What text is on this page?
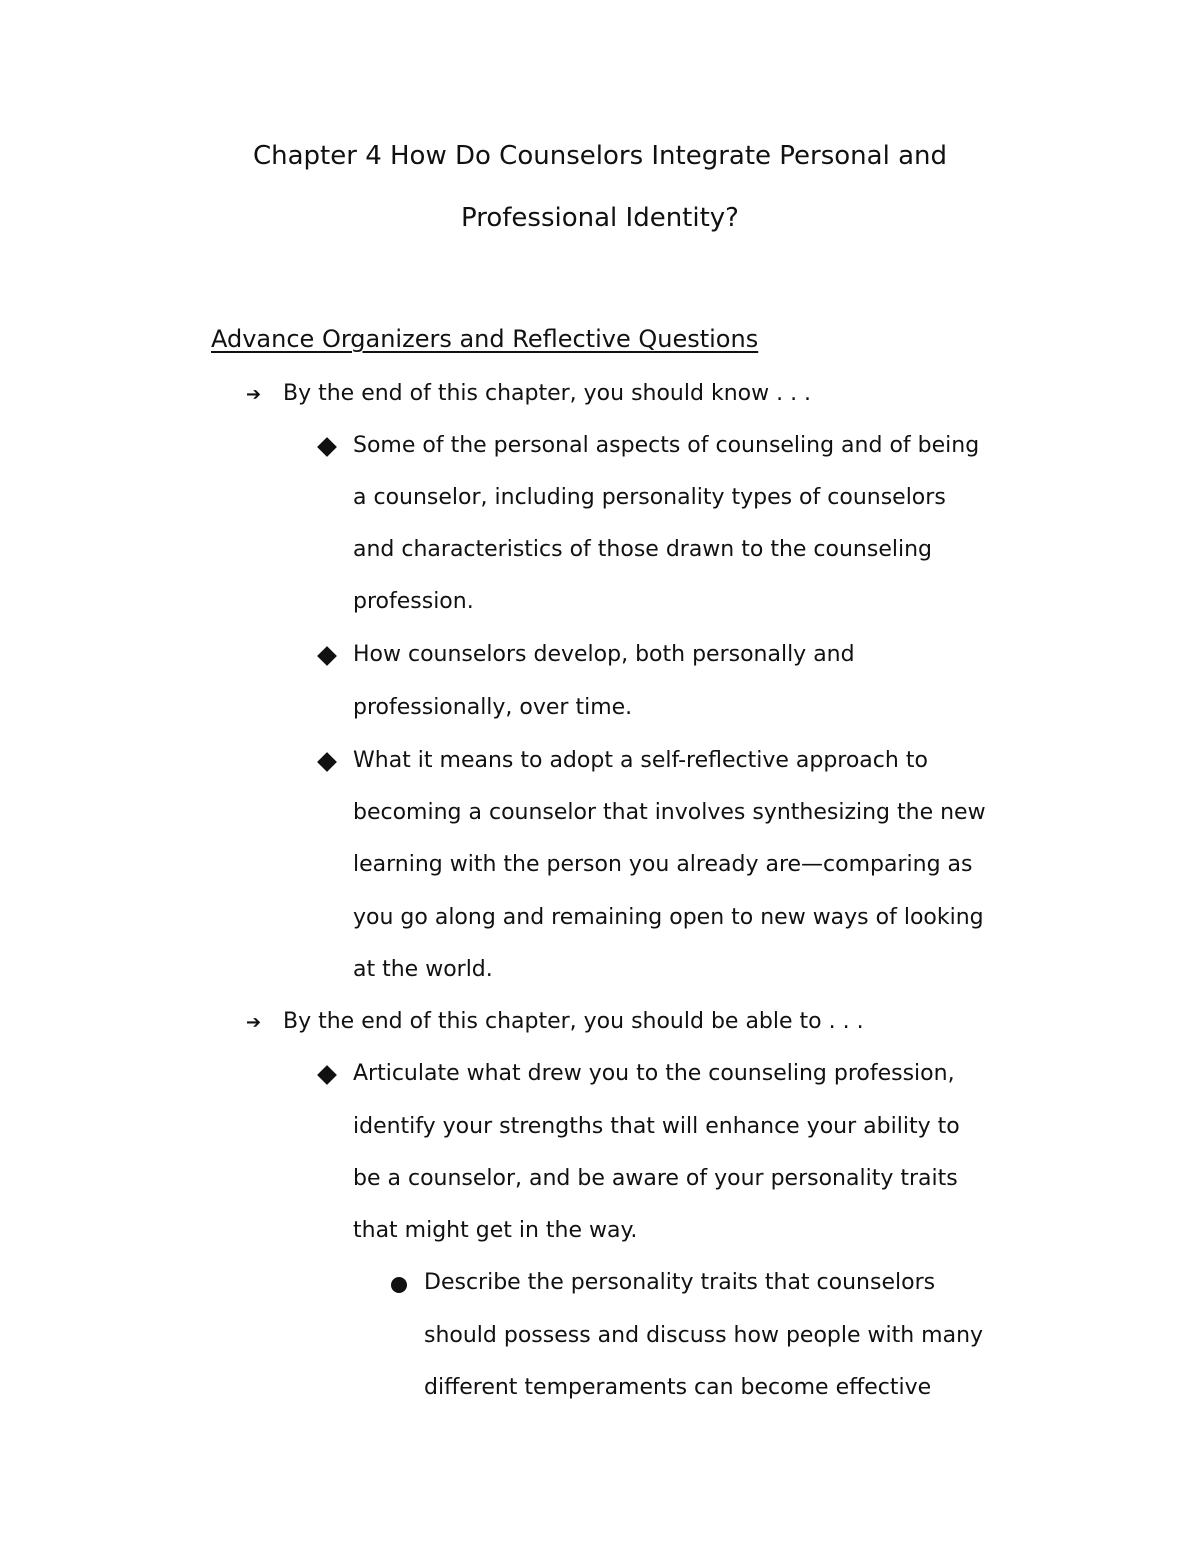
Chapter 4 How Do Counselors Integrate Personal and
Professional Identity?
Advance Organizers and Reflective Questions
➔ By the end of this chapter, you should know . . .
Some of the personal aspects of counseling and of being
a counselor, including personality types of counselors
and characteristics of those drawn to the counseling
profession.
How counselors develop, both personally and
professionally, over time.
What it means to adopt a self-reflective approach to
becoming a counselor that involves synthesizing the new
learning with the person you already are—comparing as
you go along and remaining open to new ways of looking
at the world.
➔ By the end of this chapter, you should be able to . . .
Articulate what drew you to the counseling profession,
identify your strengths that will enhance your ability to
be a counselor, and be aware of your personality traits
that might get in the way.
Describe the personality traits that counselors
should possess and discuss how people with many
different temperaments can become effective
